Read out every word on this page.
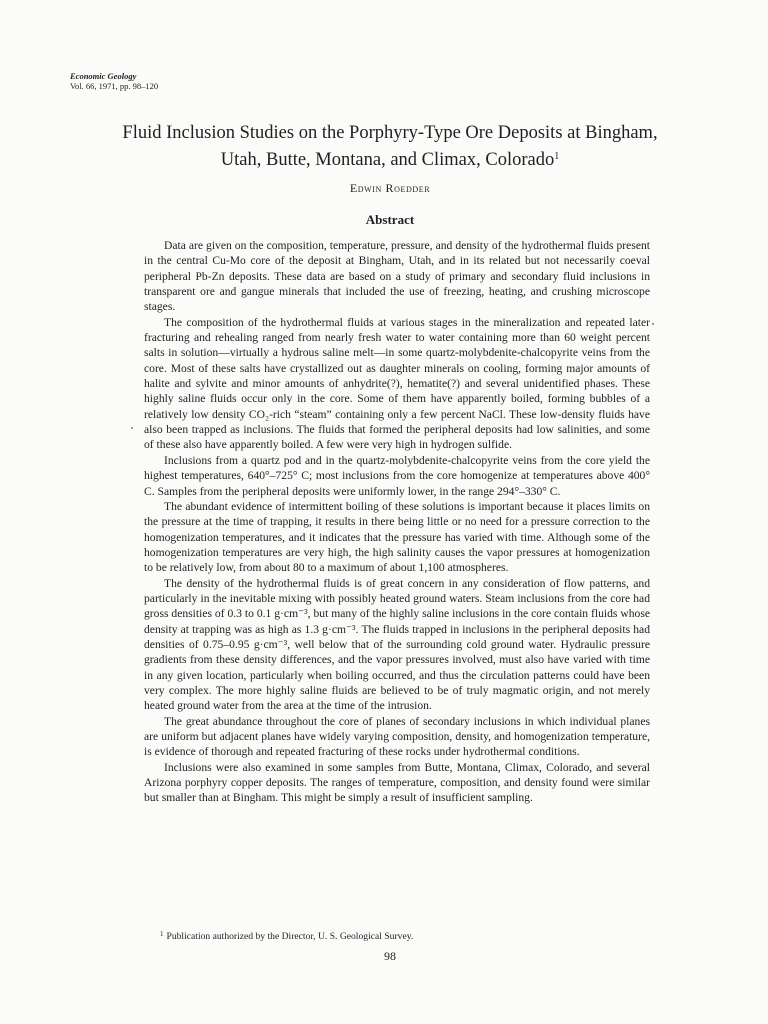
Economic Geology
Vol. 66, 1971, pp. 98–120
Fluid Inclusion Studies on the Porphyry-Type Ore Deposits at Bingham, Utah, Butte, Montana, and Climax, Colorado$^1$
Edwin Roedder
Abstract

Data are given on the composition, temperature, pressure, and density of the hydrothermal fluids present in the central Cu-Mo core of the deposit at Bingham, Utah, and in its related but not necessarily coeval peripheral Pb-Zn deposits. These data are based on a study of primary and secondary fluid inclusions in transparent ore and gangue minerals that included the use of freezing, heating, and crushing microscope stages.

The composition of the hydrothermal fluids at various stages in the mineralization and repeated later fracturing and rehealing ranged from nearly fresh water to water containing more than 60 weight percent salts in solution—virtually a hydrous saline melt—in some quartz-molybdenite-chalcopyrite veins from the core. Most of these salts have crystallized out as daughter minerals on cooling, forming major amounts of halite and sylvite and minor amounts of anhydrite(?), hematite(?) and several unidentified phases. These highly saline fluids occur only in the core. Some of them have apparently boiled, forming bubbles of a relatively low density CO₂-rich “steam” containing only a few percent NaCl. These low-density fluids have also been trapped as inclusions. The fluids that formed the peripheral deposits had low salinities, and some of these also have apparently boiled. A few were very high in hydrogen sulfide.

Inclusions from a quartz pod and in the quartz-molybdenite-chalcopyrite veins from the core yield the highest temperatures, 640°–725° C; most inclusions from the core homogenize at temperatures above 400° C. Samples from the peripheral deposits were uniformly lower, in the range 294°–330° C.

The abundant evidence of intermittent boiling of these solutions is important because it places limits on the pressure at the time of trapping, it results in there being little or no need for a pressure correction to the homogenization temperatures, and it indicates that the pressure has varied with time. Although some of the homogenization temperatures are very high, the high salinity causes the vapor pressures at homogenization to be relatively low, from about 80 to a maximum of about 1,100 atmospheres.

The density of the hydrothermal fluids is of great concern in any consideration of flow patterns, and particularly in the inevitable mixing with possibly heated ground waters. Steam inclusions from the core had gross densities of 0.3 to 0.1 g·cm⁻³, but many of the highly saline inclusions in the core contain fluids whose density at trapping was as high as 1.3 g·cm⁻³. The fluids trapped in inclusions in the peripheral deposits had densities of 0.75–0.95 g·cm⁻³, well below that of the surrounding cold ground water. Hydraulic pressure gradients from these density differences, and the vapor pressures involved, must also have varied with time in any given location, particularly when boiling occurred, and thus the circulation patterns could have been very complex. The more highly saline fluids are believed to be of truly magmatic origin, and not merely heated ground water from the area at the time of the intrusion.

The great abundance throughout the core of planes of secondary inclusions in which individual planes are uniform but adjacent planes have widely varying composition, density, and homogenization temperature, is evidence of thorough and repeated fracturing of these rocks under hydrothermal conditions.

Inclusions were also examined in some samples from Butte, Montana, Climax, Colorado, and several Arizona porphyry copper deposits. The ranges of temperature, composition, and density found were similar but smaller than at Bingham. This might be simply a result of insufficient sampling.

$^1$ Publication authorized by the Director, U. S. Geological Survey.
98
